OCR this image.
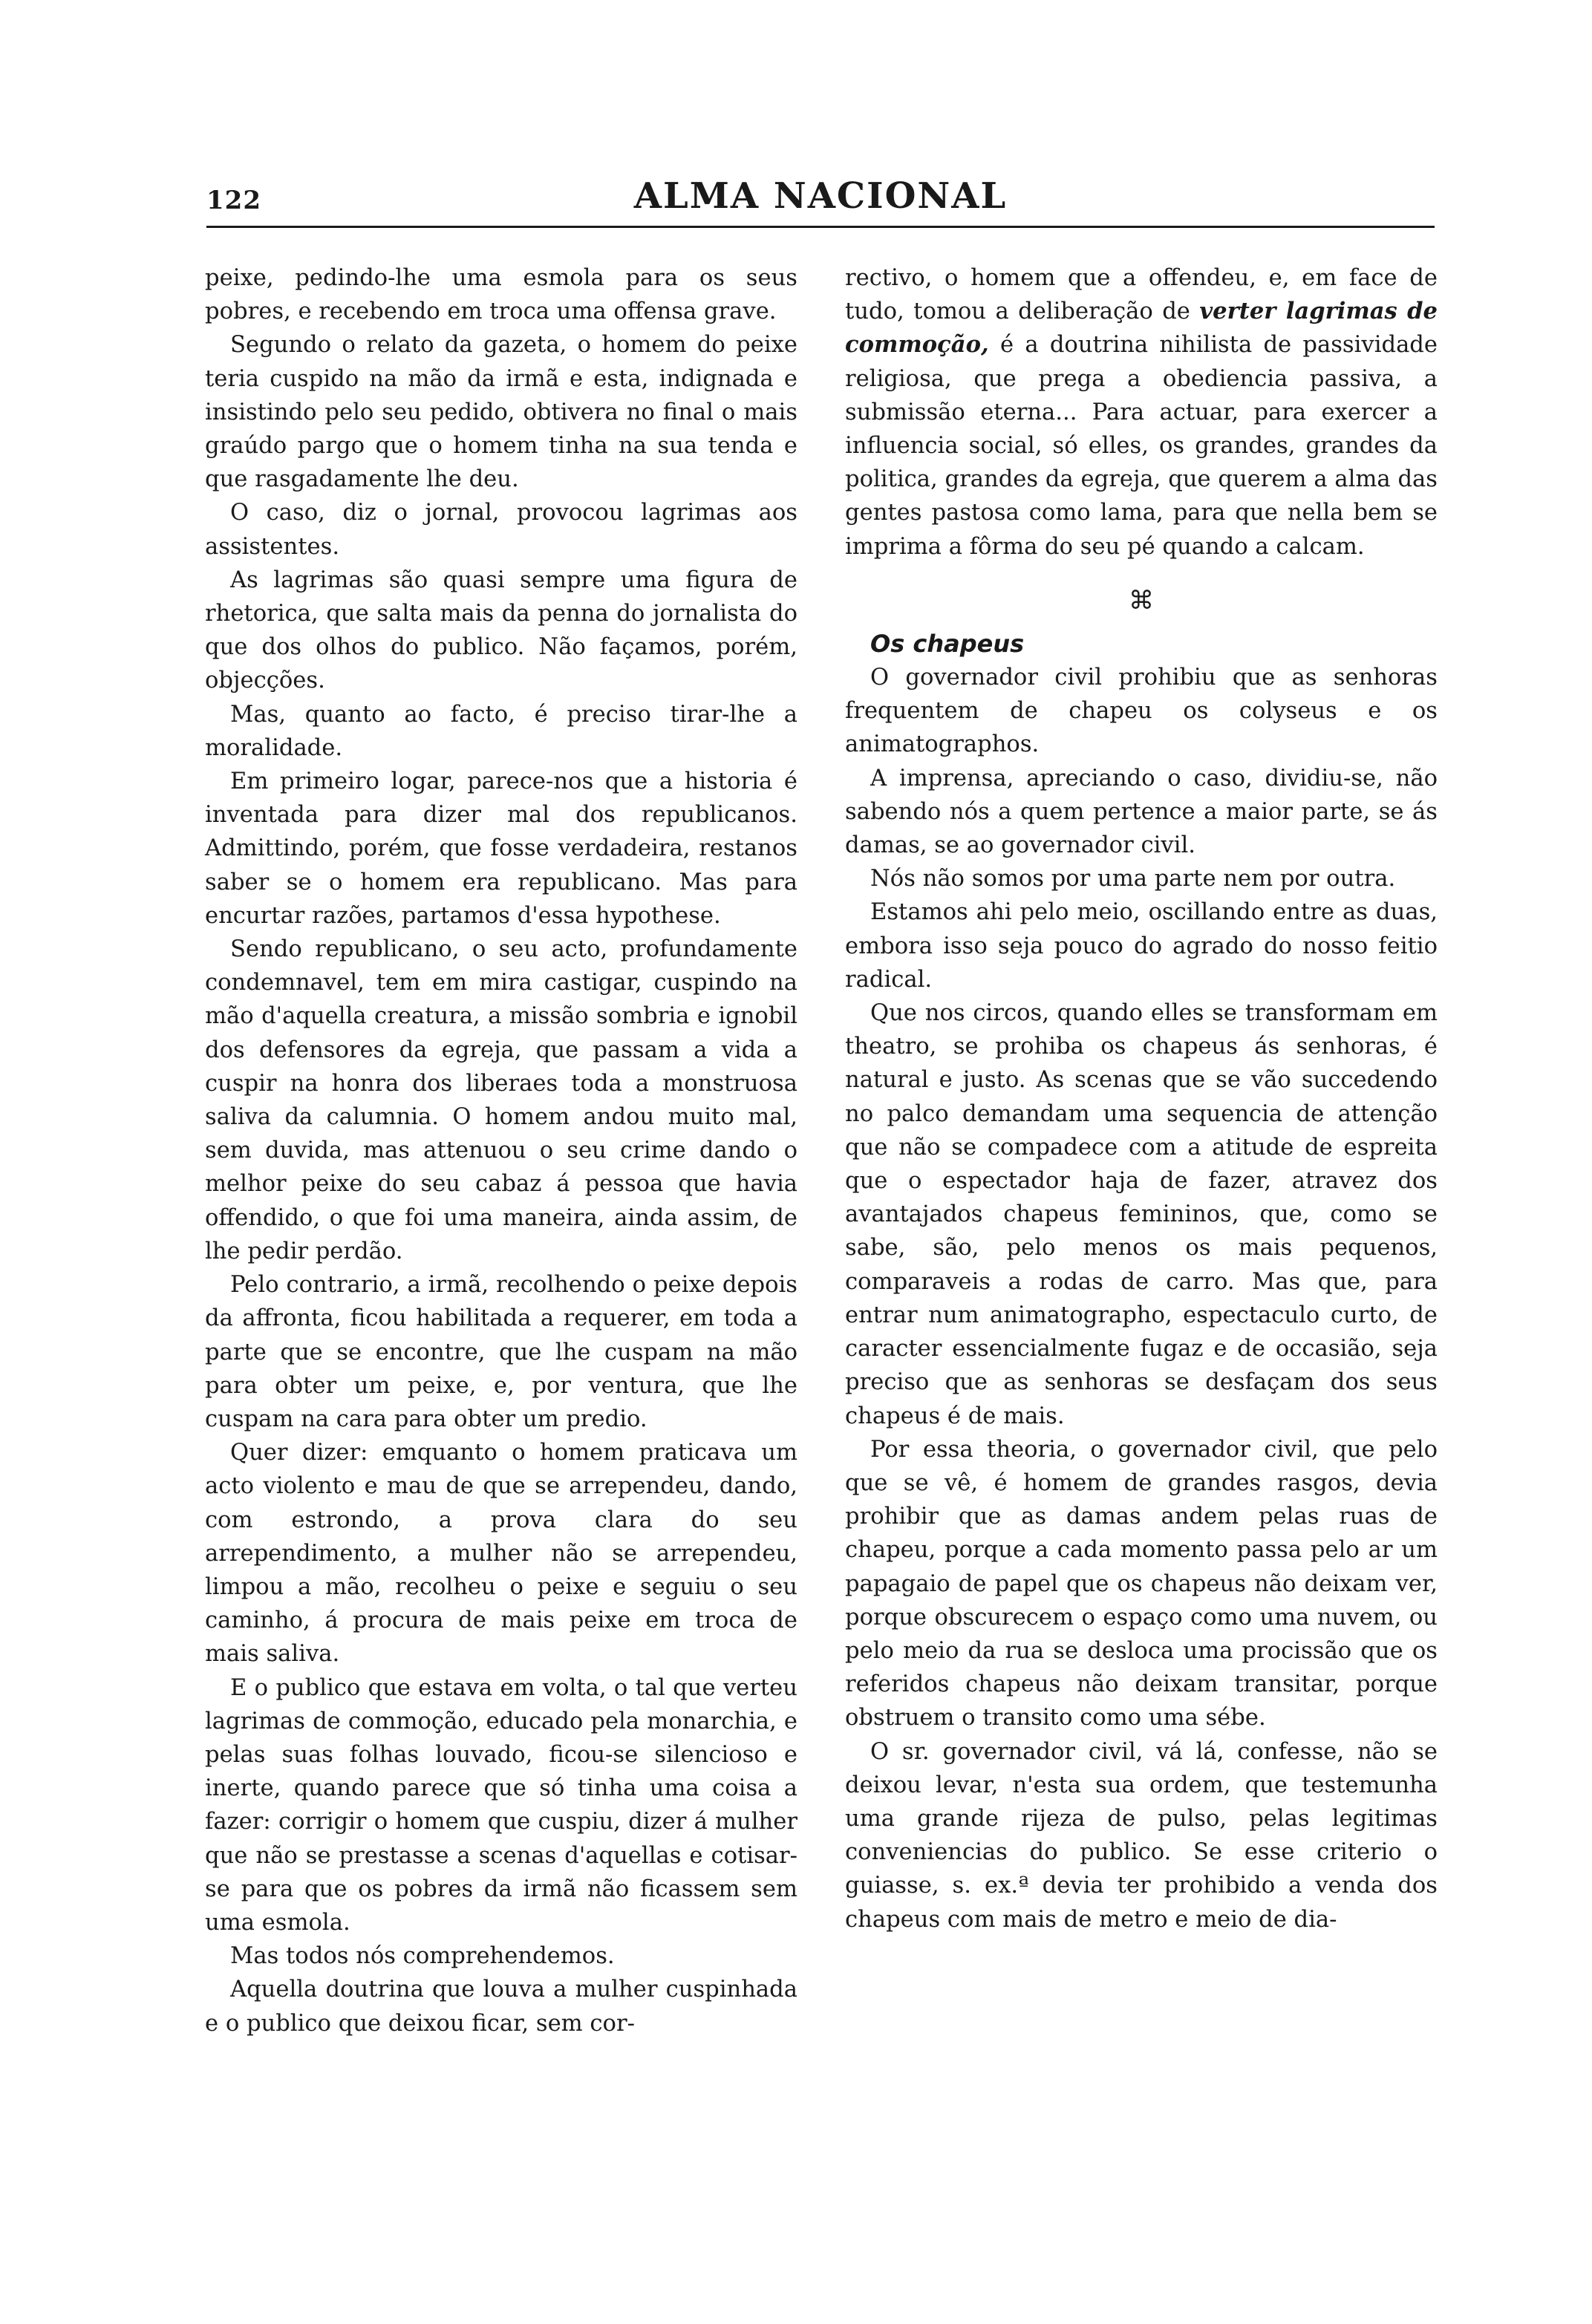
122	ALMA NACIONAL

peixe, pedindo-lhe uma esmola para os seus pobres, e recebendo em troca uma offensa grave.

Segundo o relato da gazeta, o homem do peixe teria cuspido na mão da irmã e esta, indignada e insistindo pelo seu pedido, obtivera no final o mais graúdo pargo que o homem tinha na sua tenda e que rasgadamente lhe deu.

O caso, diz o jornal, provocou lagrimas aos assistentes.

As lagrimas são quasi sempre uma figura de rhetorica, que salta mais da penna do jornalista do que dos olhos do publico. Não façamos, porém, objecções.

Mas, quanto ao facto, é preciso tirar-lhe a moralidade.

Em primeiro logar, parece-nos que a historia é inventada para dizer mal dos republicanos. Admittindo, porém, que fosse verdadeira, restanos saber se o homem era republicano. Mas para encurtar razões, partamos d'essa hypothese.

Sendo republicano, o seu acto, profundamente condemnavel, tem em mira castigar, cuspindo na mão d'aquella creatura, a missão sombria e ignobil dos defensores da egreja, que passam a vida a cuspir na honra dos liberaes toda a monstruosa saliva da calumnia. O homem andou muito mal, sem duvida, mas attenuou o seu crime dando o melhor peixe do seu cabaz á pessoa que havia offendido, o que foi uma maneira, ainda assim, de lhe pedir perdão.

Pelo contrario, a irmã, recolhendo o peixe depois da affronta, ficou habilitada a requerer, em toda a parte que se encontre, que lhe cuspam na mão para obter um peixe, e, por ventura, que lhe cuspam na cara para obter um predio.

Quer dizer: emquanto o homem praticava um acto violento e mau de que se arrependeu, dando, com estrondo, a prova clara do seu arrependimento, a mulher não se arrependeu, limpou a mão, recolheu o peixe e seguiu o seu caminho, á procura de mais peixe em troca de mais saliva.

E o publico que estava em volta, o tal que verteu lagrimas de commoção, educado pela monarchia, e pelas suas folhas louvado, ficou-se silencioso e inerte, quando parece que só tinha uma coisa a fazer: corrigir o homem que cuspiu, dizer á mulher que não se prestasse a scenas d'aquellas e cotisar-se para que os pobres da irmã não ficassem sem uma esmola.

Mas todos nós comprehendemos.

Aquella doutrina que louva a mulher cuspinhada e o publico que deixou ficar, sem cor-

rectivo, o homem que a offendeu, e, em face de tudo, tomou a deliberação de verter lagrimas de commoção, é a doutrina nihilista de passividade religiosa, que prega a obediencia passiva, a submissão eterna... Para actuar, para exercer a influencia social, só elles, os grandes, grandes da politica, grandes da egreja, que querem a alma das gentes pastosa como lama, para que nella bem se imprima a fôrma do seu pé quando a calcam.

⌘

Os chapeus

O governador civil prohibiu que as senhoras frequentem de chapeu os colyseus e os animatographos.

A imprensa, apreciando o caso, dividiu-se, não sabendo nós a quem pertence a maior parte, se ás damas, se ao governador civil.

Nós não somos por uma parte nem por outra.

Estamos ahi pelo meio, oscillando entre as duas, embora isso seja pouco do agrado do nosso feitio radical.

Que nos circos, quando elles se transformam em theatro, se prohiba os chapeus ás senhoras, é natural e justo. As scenas que se vão succedendo no palco demandam uma sequencia de attenção que não se compadece com a atitude de espreita que o espectador haja de fazer, atravez dos avantajados chapeus femininos, que, como se sabe, são, pelo menos os mais pequenos, comparaveis a rodas de carro. Mas que, para entrar num animatographo, espectaculo curto, de caracter essencialmente fugaz e de occasião, seja preciso que as senhoras se desfaçam dos seus chapeus é de mais.

Por essa theoria, o governador civil, que pelo que se vê, é homem de grandes rasgos, devia prohibir que as damas andem pelas ruas de chapeu, porque a cada momento passa pelo ar um papagaio de papel que os chapeus não deixam ver, porque obscurecem o espaço como uma nuvem, ou pelo meio da rua se desloca uma procissão que os referidos chapeus não deixam transitar, porque obstruem o transito como uma sébe.

O sr. governador civil, vá lá, confesse, não se deixou levar, n'esta sua ordem, que testemunha uma grande rijeza de pulso, pelas legitimas conveniencias do publico. Se esse criterio o guiasse, s. ex.ª devia ter prohibido a venda dos chapeus com mais de metro e meio de dia-
